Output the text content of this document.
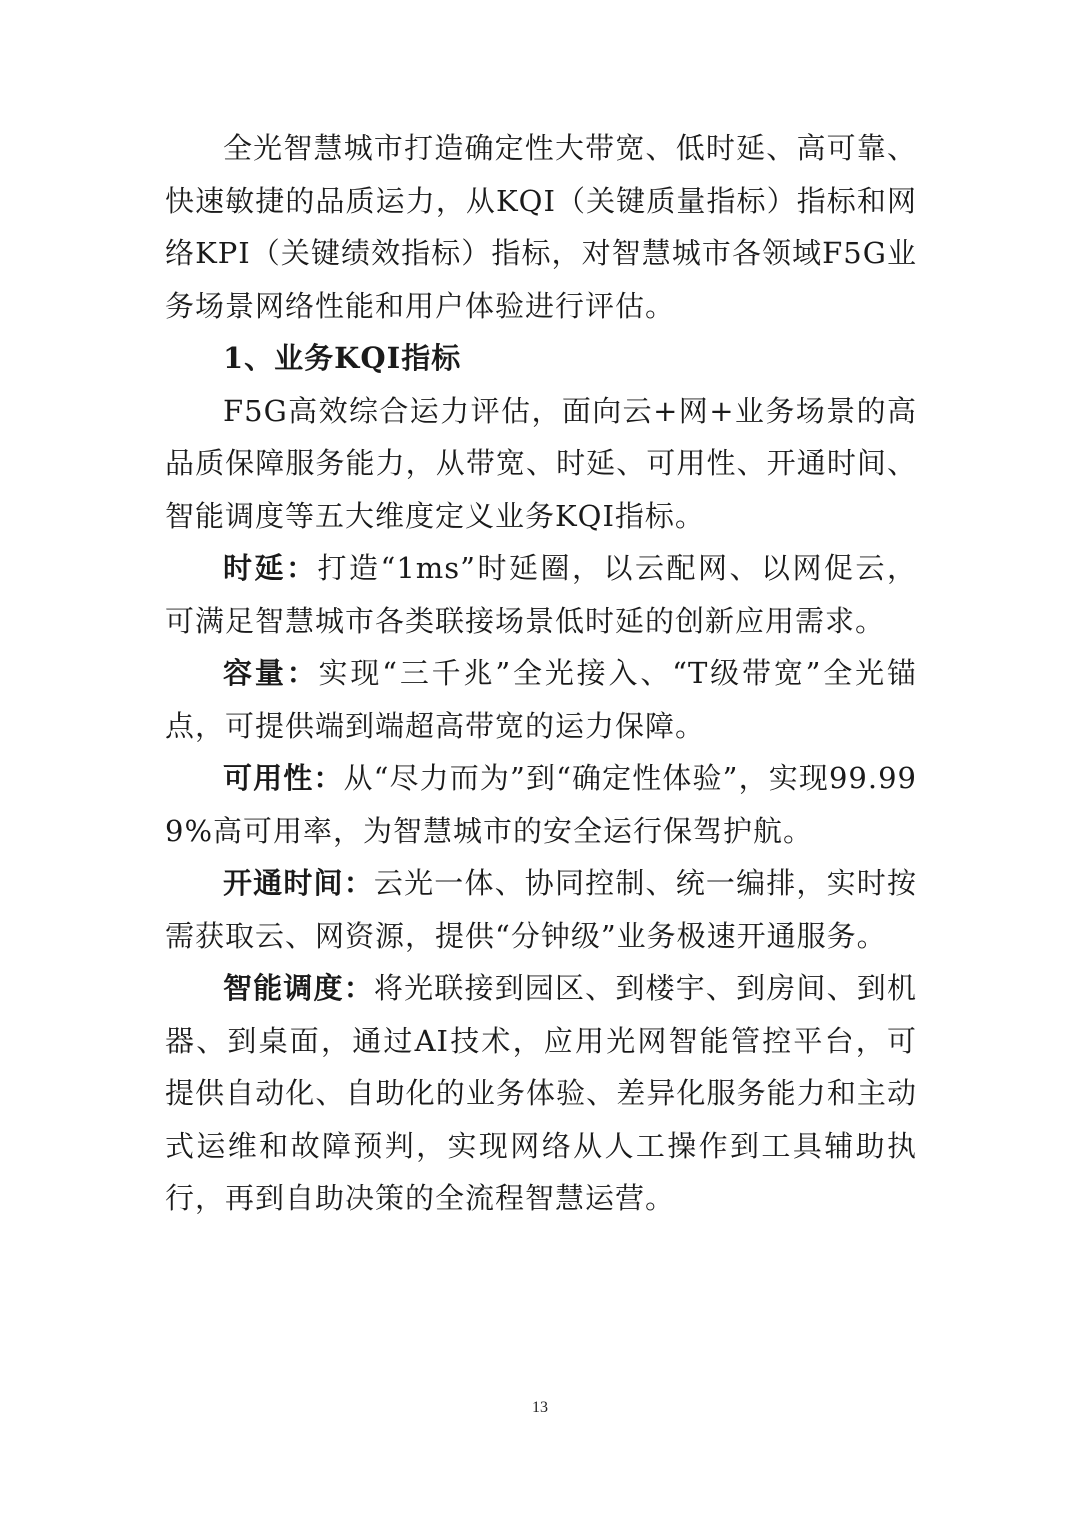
全光智慧城市打造确定性大带宽、低时延、高可靠、快速敏捷的品质运力，从KQI（关键质量指标）指标和网络KPI（关键绩效指标）指标，对智慧城市各领域F5G业务场景网络性能和用户体验进行评估。

1、业务KQI指标

F5G高效综合运力评估，面向云+网+业务场景的高品质保障服务能力，从带宽、时延、可用性、开通时间、智能调度等五大维度定义业务KQI指标。

时延：打造“1ms”时延圈，以云配网、以网促云，可满足智慧城市各类联接场景低时延的创新应用需求。

容量：实现“三千兆”全光接入、“T级带宽”全光锚点，可提供端到端超高带宽的运力保障。

可用性：从“尽力而为”到“确定性体验”，实现99.999%高可用率，为智慧城市的安全运行保驾护航。

开通时间：云光一体、协同控制、统一编排，实时按需获取云、网资源，提供“分钟级”业务极速开通服务。

智能调度：将光联接到园区、到楼宇、到房间、到机器、到桌面，通过AI技术，应用光网智能管控平台，可提供自动化、自助化的业务体验、差异化服务能力和主动式运维和故障预判，实现网络从人工操作到工具辅助执行，再到自助决策的全流程智慧运营。

13
